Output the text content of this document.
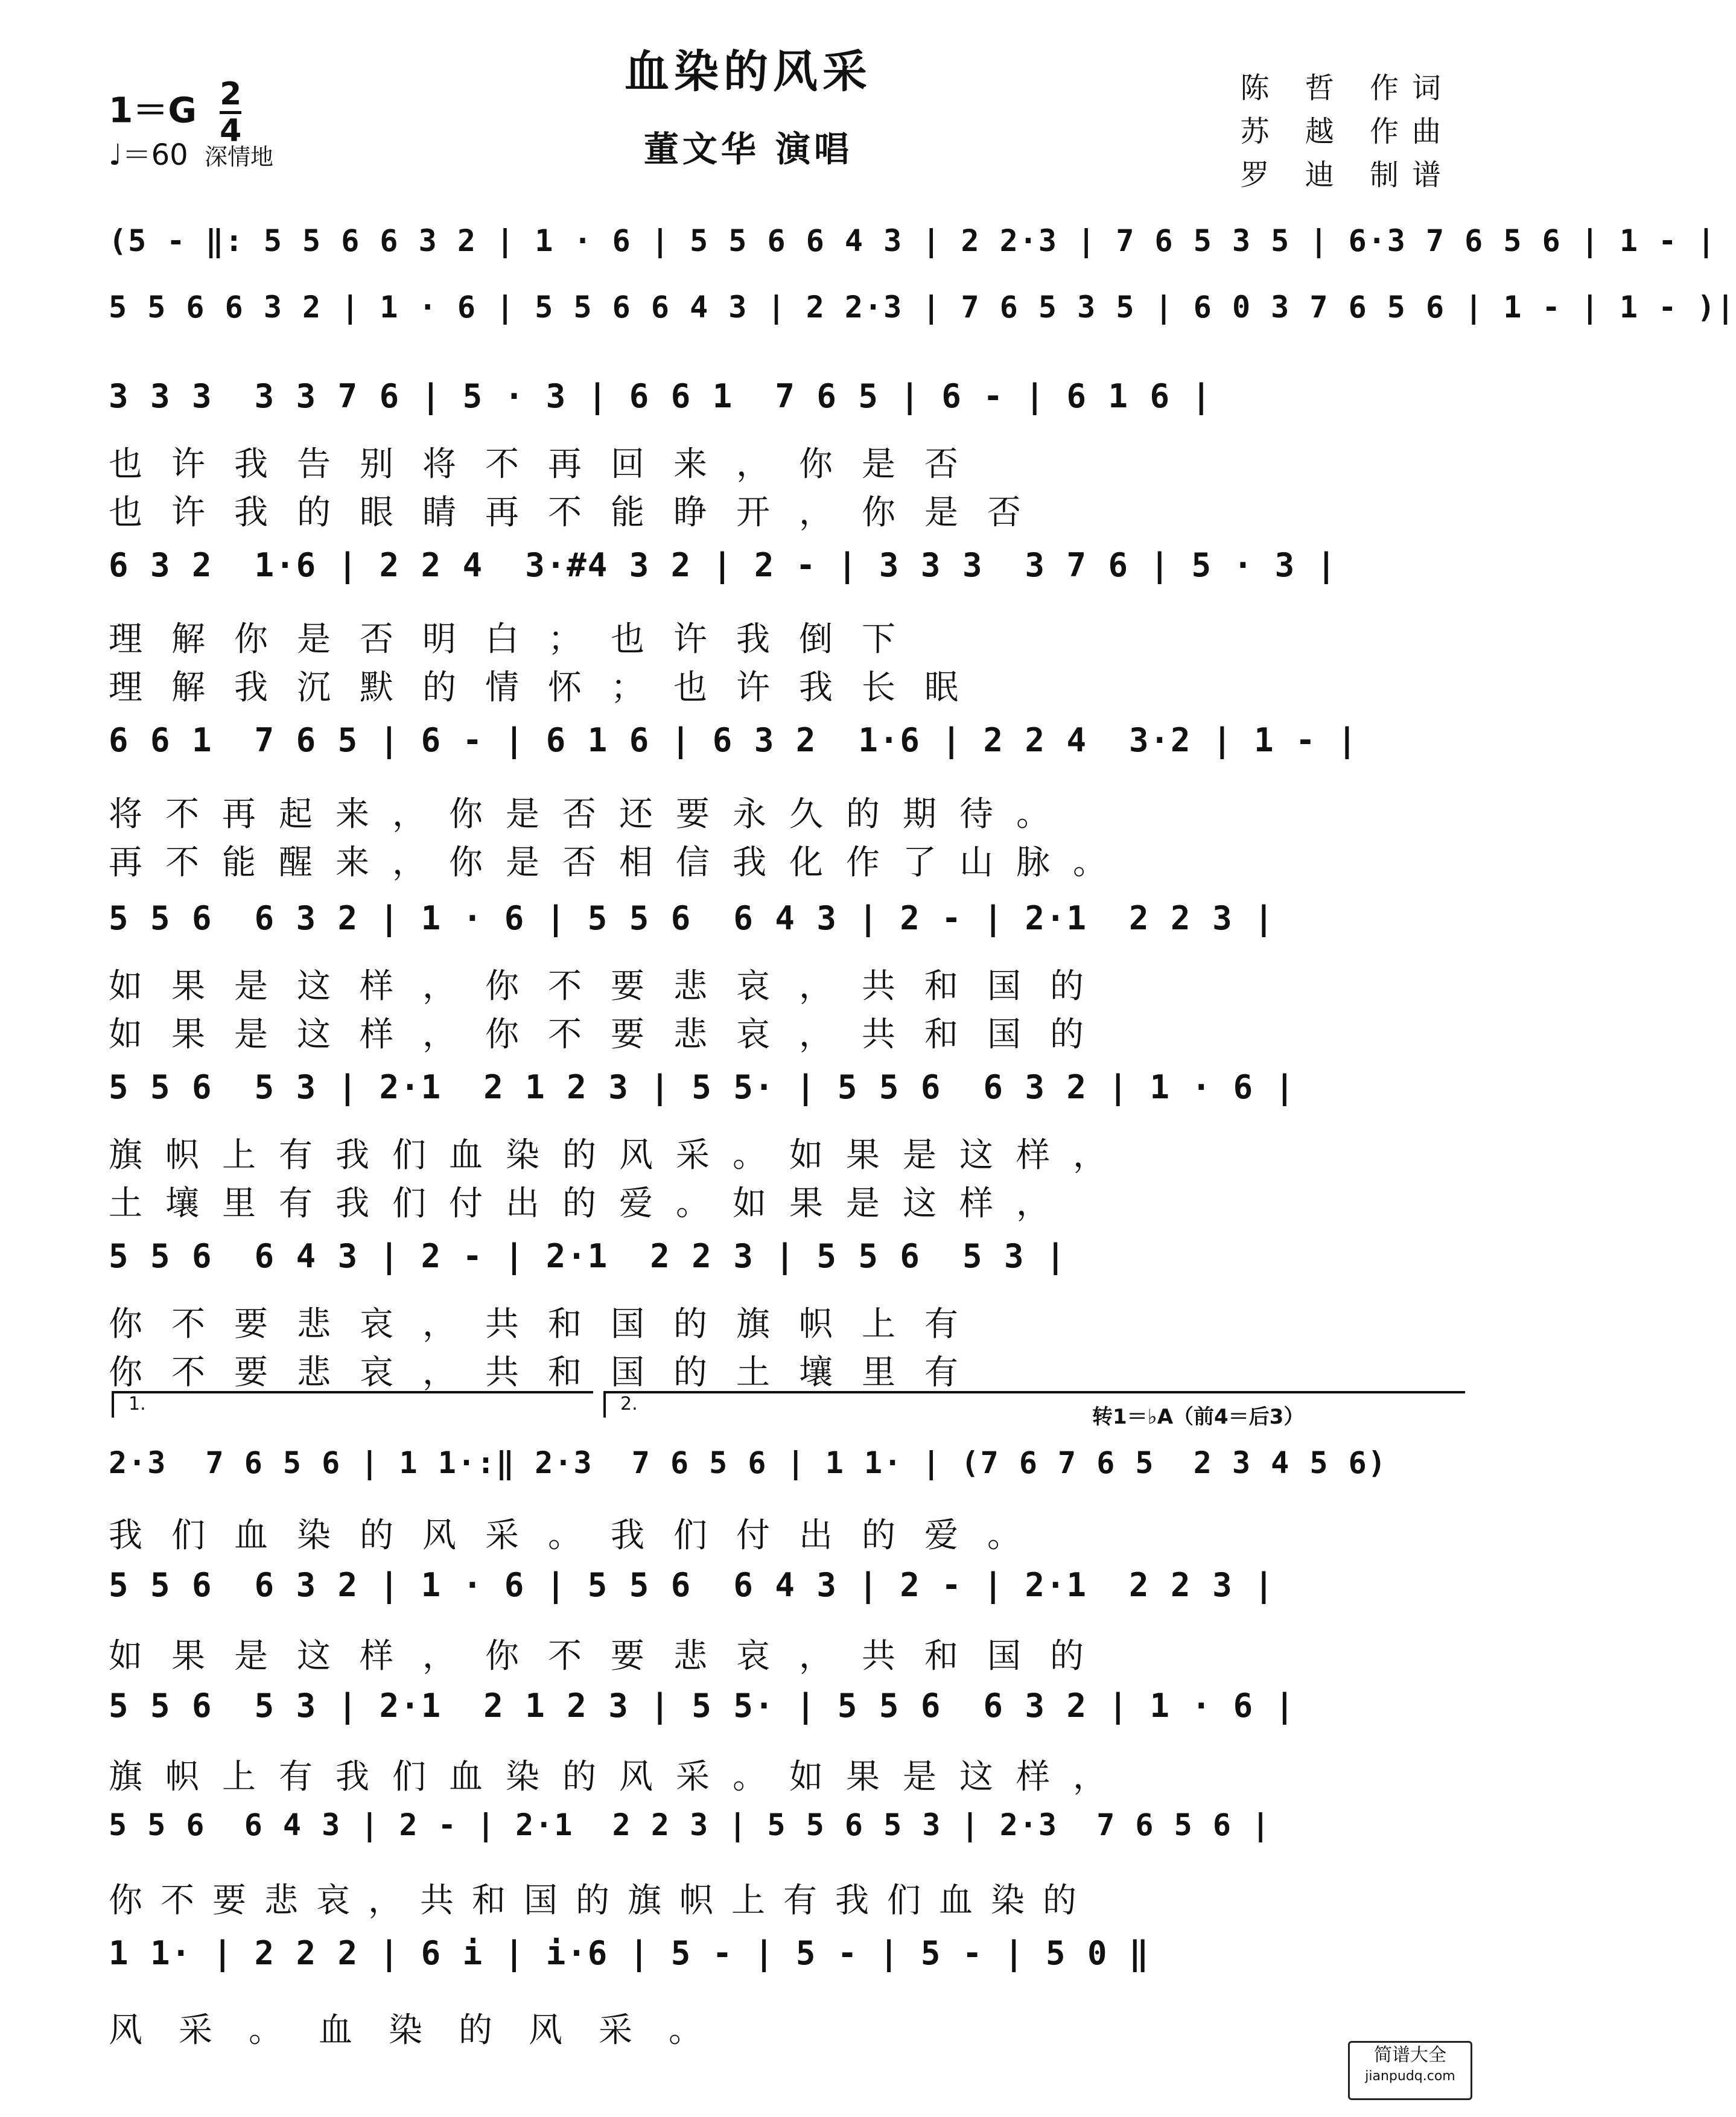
血染的风采
董文华 演唱
$1=G \frac{2}{4}$
♩＝60 深情地
陈 哲 作词
苏 越 作曲
罗 迪 制谱
(5 - ‖: 5 5 6 6 3 2 | 1 · 6 | 5 5 6 6 4 3 | 2 2·3 | 7 6 5 3 5 | 6·3 7 6 5 6 | 1 - |
5 5 6 6 3 2 | 1 · 6 | 5 5 6 6 4 3 | 2 2·3 | 7 6 5 3 5 | 6 0 3 7 6 5 6 | 1 - | 1 - )|
3 3 3  3 3 7 6 | 5 · 3 | 6 6 1  7 6 5 | 6 - | 6 1 6 |
也许我告别将不再回来，你是否
也许我的眼睛再不能睁开，你是否
6 3 2  1·6 | 2 2 4  3·#4 3 2 | 2 - | 3 3 3  3 7 6 | 5 · 3 |
理解你是否明白；也许我倒下
理解我沉默的情怀；也许我长眠
6 6 1  7 6 5 | 6 - | 6 1 6 | 6 3 2  1·6 | 2 2 4  3·2 | 1 - |
将不再起来，你是否还要永久的期待。
再不能醒来，你是否相信我化作了山脉。
5 5 6  6 3 2 | 1 · 6 | 5 5 6  6 4 3 | 2 - | 2·1  2 2 3 |
如果是这样，你不要悲哀，共和国的
如果是这样，你不要悲哀，共和国的
5 5 6  5 3 | 2·1  2 1 2 3 | 5 5· | 5 5 6  6 3 2 | 1 · 6 |
旗帜上有我们血染的风采。如果是这样，
土壤里有我们付出的爱。如果是这样，
5 5 6  6 4 3 | 2 - | 2·1  2 2 3 | 5 5 6  5 3 |
你不要悲哀，共和国的旗帜上有
你不要悲哀，共和国的土壤里有
1.	2.
转1＝♭A（前4＝后3）
2·3  7 6 5 6 | 1 1·:‖ 2·3  7 6 5 6 | 1 1· | (7 6 7 6 5  2 3 4 5 6)
我们血染的风采。我们付出的爱。
5 5 6  6 3 2 | 1 · 6 | 5 5 6  6 4 3 | 2 - | 2·1  2 2 3 |
如果是这样，你不要悲哀，共和国的
5 5 6  5 3 | 2·1  2 1 2 3 | 5 5· | 5 5 6  6 3 2 | 1 · 6 |
旗帜上有我们血染的风采。如果是这样，
5 5 6  6 4 3 | 2 - | 2·1  2 2 3 | 5 5 6 5 3 | 2·3  7 6 5 6 |
你不要悲哀，共和国的旗帜上有我们血染的
1 1· | 2 2 2 | 6 i | i·6 | 5 - | 5 - | 5 - | 5 0 ‖
风采。血染的风采。
简谱大全
jianpudq.com
